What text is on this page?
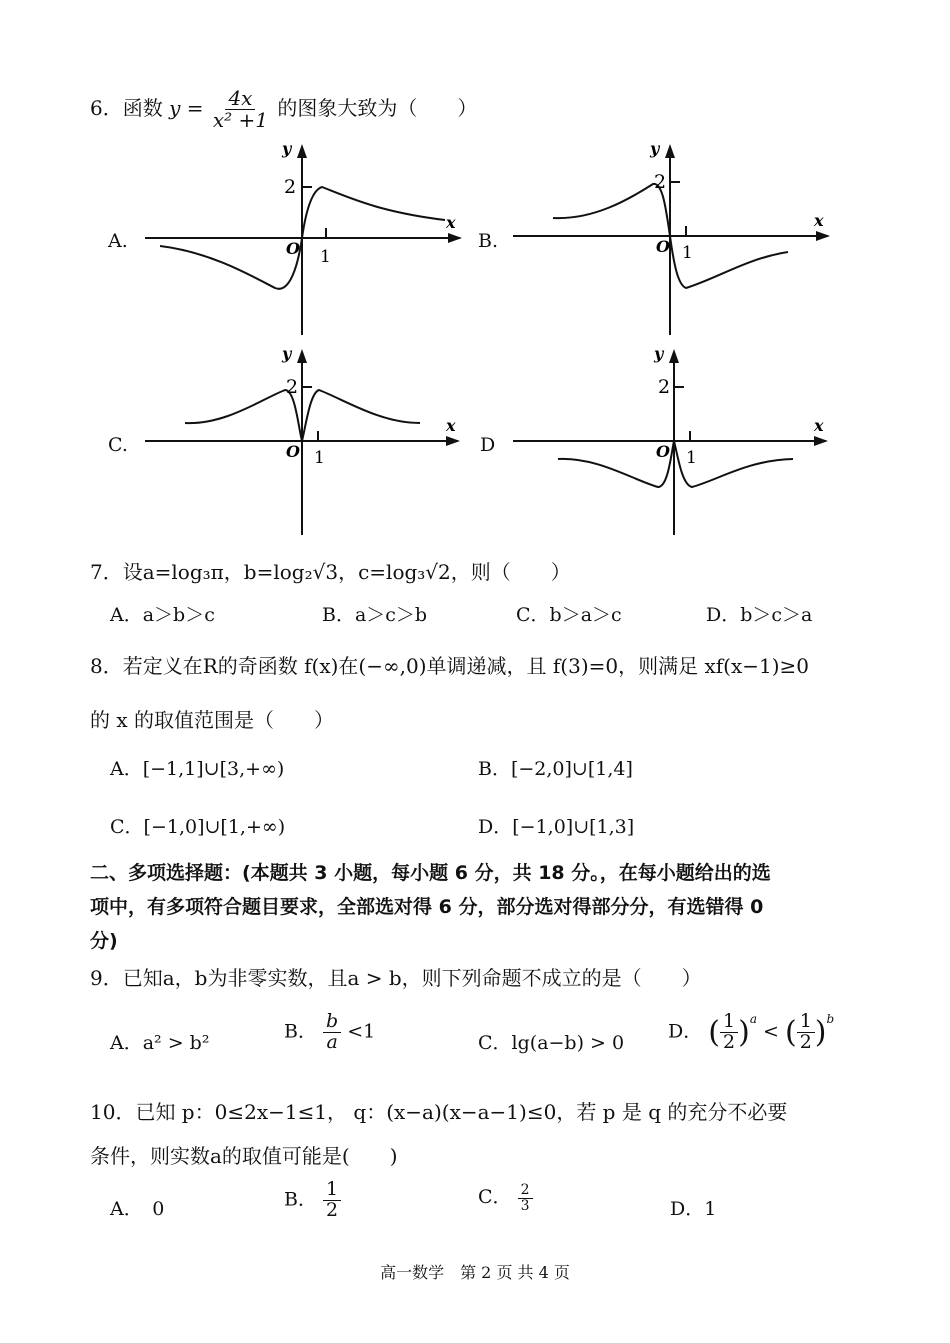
6．函数 $y = \frac{4x}{\text{x² +1}}$ 的图象大致为（　　）
A.
y
x
O 1
2
B.
y
x
O 1
2
C.
y
x
O 1
2
D
y
x
O 1
2
7．设a=log₃π，b=log₂√3，c=log₃√2，则（　　）
A．a＞b＞c	B．a＞c＞b	C．b＞a＞c	D．b＞c＞a
8．若定义在R的奇函数 f(x)在(−∞,0)单调递减，且 f(3)=0，则满足 xf(x−1)≥0
的 x 的取值范围是（　　）
A．[−1,1]∪[3,+∞)	B．[−2,0]∪[1,4]
C．[−1,0]∪[1,+∞)	D．[−1,0]∪[1,3]
二、多项选择题：(本题共 3 小题，每小题 6 分，共 18 分。，在每小题给出的选
项中，有多项符合题目要求，全部选对得 6 分，部分选对得部分分，有选错得 0
分)
9．已知a，b为非零实数，且a > b，则下列命题不成立的是（　　）
A．a² > b²
B． $\frac{b}{a} <1$
C．lg(a−b) > 0
D． ( $\frac{1}{2} )^a$ < ( $\frac{1}{2} )^b$
10．已知 p：0≤2x−1≤1， q：(x−a)(x−a−1)≤0，若 p 是 q 的充分不必要
条件，则实数a的取值可能是(　　)
A．　0	B． $\frac{1}{2}$	C． $\frac{2}{3}$	D．1
高一数学　第 2 页 共 4 页
